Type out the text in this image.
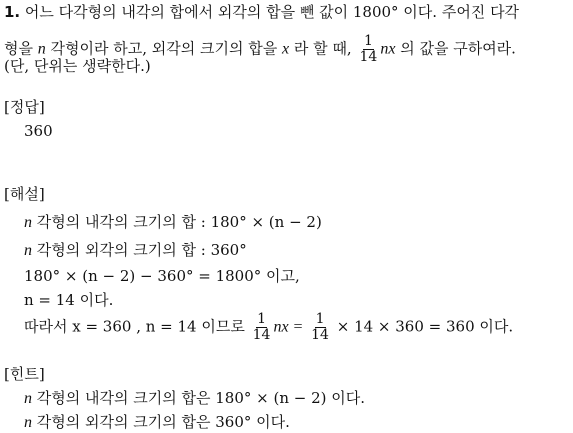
1. 어느 다각형의 내각의 합에서 외각의 합을 뺀 값이 1800° 이다. 주어진 다각
형을 n 각형이라 하고, 외각의 크기의 합을 x 라 할 때, $\frac{1}{14}$ nx 의 값을 구하여라.
(단, 단위는 생략한다.)
[정답]
360
[해설]
n 각형의 내각의 크기의 합 : 180° × (n − 2)
n 각형의 외각의 크기의 합 : 360°
180° × (n − 2) − 360° = 1800° 이고,
n = 14 이다.
따라서 x = 360 , n = 14 이므로 $\frac{1}{14}$ nx = $\frac{1}{14} \times 14 \times 360 = 360$ 이다.
[힌트]
n 각형의 내각의 크기의 합은 180° × (n − 2) 이다.
n 각형의 외각의 크기의 합은 360° 이다.
